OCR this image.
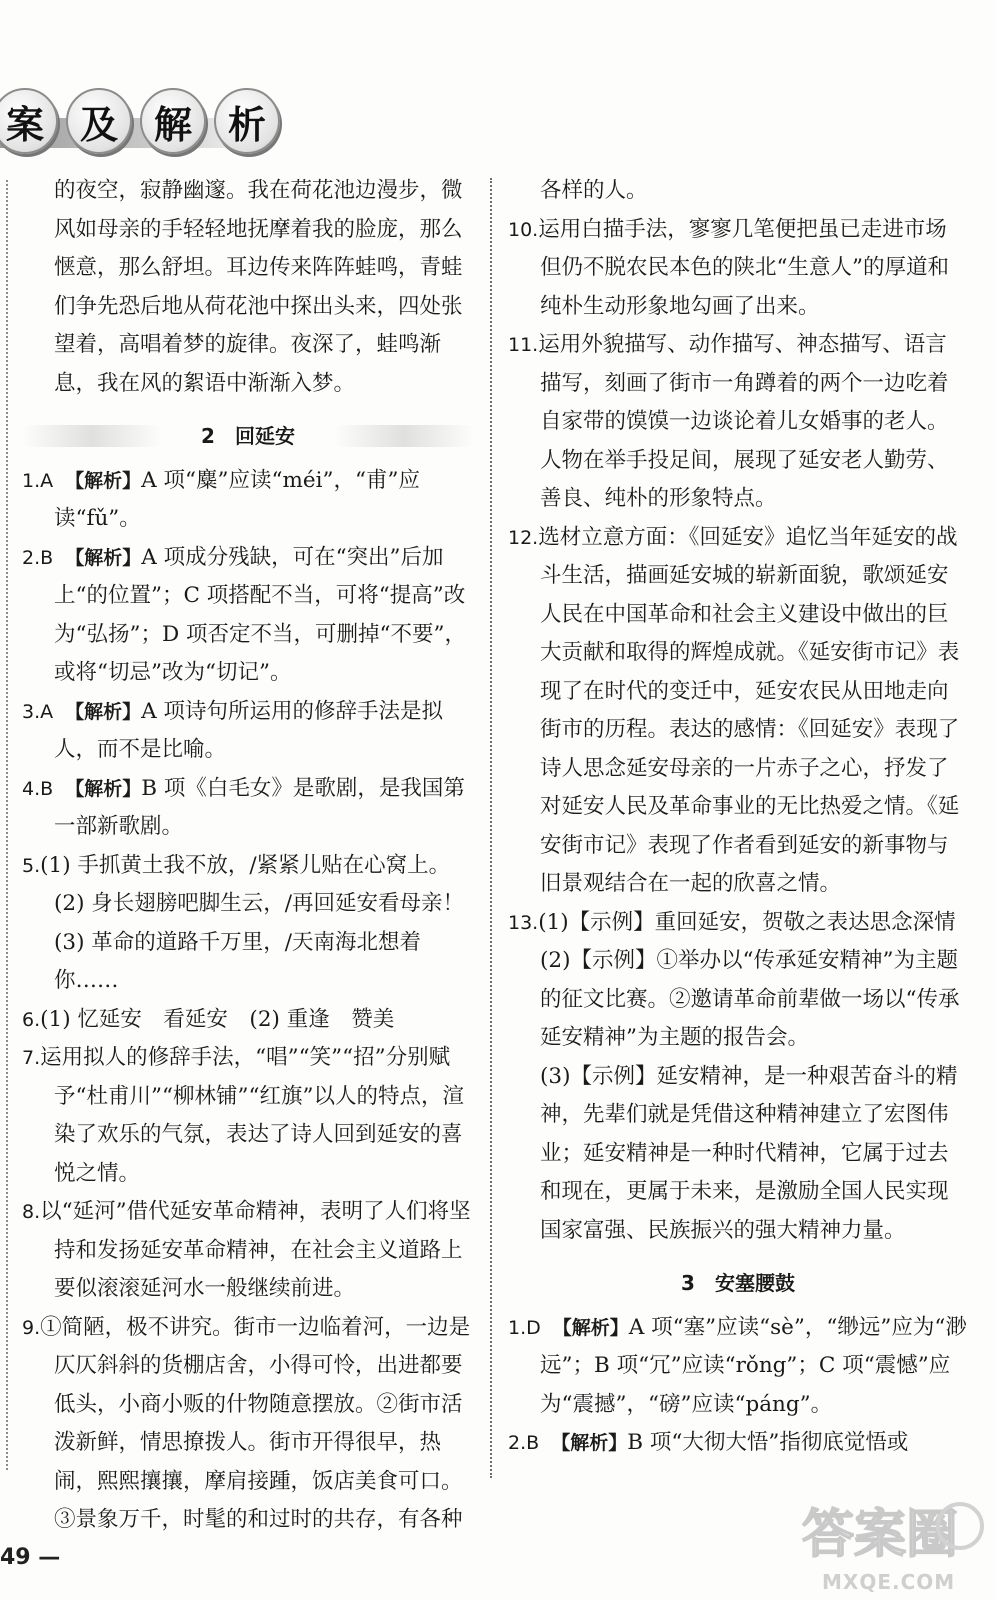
案 及 解 析

的夜空，寂静幽邃。我在荷花池边漫步，微风如母亲的手轻轻地抚摩着我的脸庞，那么惬意，那么舒坦。耳边传来阵阵蛙鸣，青蛙们争先恐后地从荷花池中探出头来，四处张望着，高唱着梦的旋律。夜深了，蛙鸣渐息，我在风的絮语中渐渐入梦。

2　回延安

1.A　 【解析】A 项“麋”应读“méi”，“甫”应读“fǔ”。

2.B　 【解析】A 项成分残缺，可在“突出”后加上“的位置”；C 项搭配不当，可将“提高”改为“弘扬”；D 项否定不当，可删掉“不要”，或将“切忌”改为“切记”。

3.A　 【解析】A 项诗句所运用的修辞手法是拟人，而不是比喻。

4.B　 【解析】B 项《白毛女》是歌剧，是我国第一部新歌剧。

5.(1) 手抓黄土我不放，/紧紧儿贴在心窝上。

(2) 身长翅膀吧脚生云，/再回延安看母亲！

(3) 革命的道路千万里，/天南海北想着你……

6.(1) 忆延安　看延安　(2) 重逢　赞美

7.运用拟人的修辞手法，“唱”“笑”“招”分别赋予“杜甫川”“柳林铺”“红旗”以人的特点，渲染了欢乐的气氛，表达了诗人回到延安的喜悦之情。

8.以“延河”借代延安革命精神，表明了人们将坚持和发扬延安革命精神，在社会主义道路上要似滚滚延河水一般继续前进。

9.①简陋，极不讲究。街市一边临着河，一边是仄仄斜斜的货棚店舍，小得可怜，出进都要低头，小商小贩的什物随意摆放。②街市活泼新鲜，情思撩拨人。街市开得很早，热闹，熙熙攘攘，摩肩接踵，饭店美食可口。③景象万千，时髦的和过时的共存，有各种

各样的人。

10.运用白描手法，寥寥几笔便把虽已走进市场但仍不脱农民本色的陕北“生意人”的厚道和纯朴生动形象地勾画了出来。

11.运用外貌描写、动作描写、神态描写、语言描写，刻画了街市一角蹲着的两个一边吃着自家带的馍馍一边谈论着儿女婚事的老人。人物在举手投足间，展现了延安老人勤劳、善良、纯朴的形象特点。

12.选材立意方面：《回延安》追忆当年延安的战斗生活，描画延安城的崭新面貌，歌颂延安人民在中国革命和社会主义建设中做出的巨大贡献和取得的辉煌成就。《延安街市记》表现了在时代的变迁中，延安农民从田地走向街市的历程。表达的感情：《回延安》表现了诗人思念延安母亲的一片赤子之心，抒发了对延安人民及革命事业的无比热爱之情。《延安街市记》表现了作者看到延安的新事物与旧景观结合在一起的欣喜之情。

13.(1)【示例】重回延安，贺敬之表达思念深情　(2)【示例】①举办以“传承延安精神”为主题的征文比赛。②邀请革命前辈做一场以“传承延安精神”为主题的报告会。

(3)【示例】延安精神，是一种艰苦奋斗的精神，先辈们就是凭借这种精神建立了宏图伟业；延安精神是一种时代精神，它属于过去和现在，更属于未来，是激励全国人民实现国家富强、民族振兴的强大精神力量。

3　安塞腰鼓

1.D　 【解析】A 项“塞”应读“sè”，“缈远”应为“渺远”；B 项“冗”应读“rǒng”；C 项“震憾”应为“震撼”，“磅”应读“páng”。

2.B　 【解析】B 项“大彻大悟”指彻底觉悟或

49 —	答案圈
MXQE.COM
